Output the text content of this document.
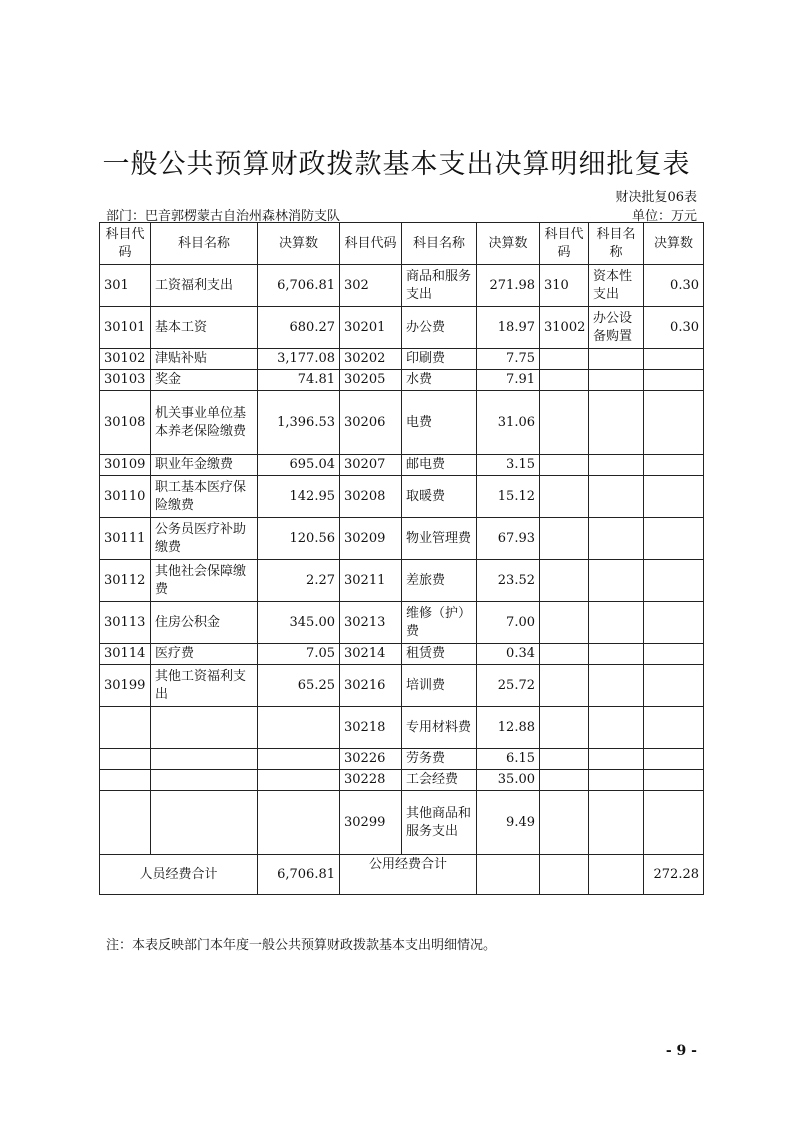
一般公共预算财政拨款基本支出决算明细批复表
财决批复06表
部门：巴音郭楞蒙古自治州森林消防支队	单位：万元
科目代码	科目名称	决算数	科目代码	科目名称	决算数	科目代码	科目名称	决算数
301	工资福利支出	6,706.81	302	商品和服务支出	271.98	310	资本性支出	0.30
30101	基本工资	680.27	30201	办公费	18.97	31002	办公设备购置	0.30
30102	津贴补贴	3,177.08	30202	印刷费	7.75			
30103	奖金	74.81	30205	水费	7.91			
30108	机关事业单位基本养老保险缴费	1,396.53	30206	电费	31.06			
30109	职业年金缴费	695.04	30207	邮电费	3.15			
30110	职工基本医疗保险缴费	142.95	30208	取暖费	15.12			
30111	公务员医疗补助缴费	120.56	30209	物业管理费	67.93			
30112	其他社会保障缴费	2.27	30211	差旅费	23.52			
30113	住房公积金	345.00	30213	维修（护）费	7.00			
30114	医疗费	7.05	30214	租赁费	0.34			
30199	其他工资福利支出	65.25	30216	培训费	25.72			
			30218	专用材料费	12.88			
			30226	劳务费	6.15			
			30228	工会经费	35.00			
			30299	其他商品和服务支出	9.49			
人员经费合计		6,706.81	公用经费合计					272.28
注：本表反映部门本年度一般公共预算财政拨款基本支出明细情况。
- 9 -
